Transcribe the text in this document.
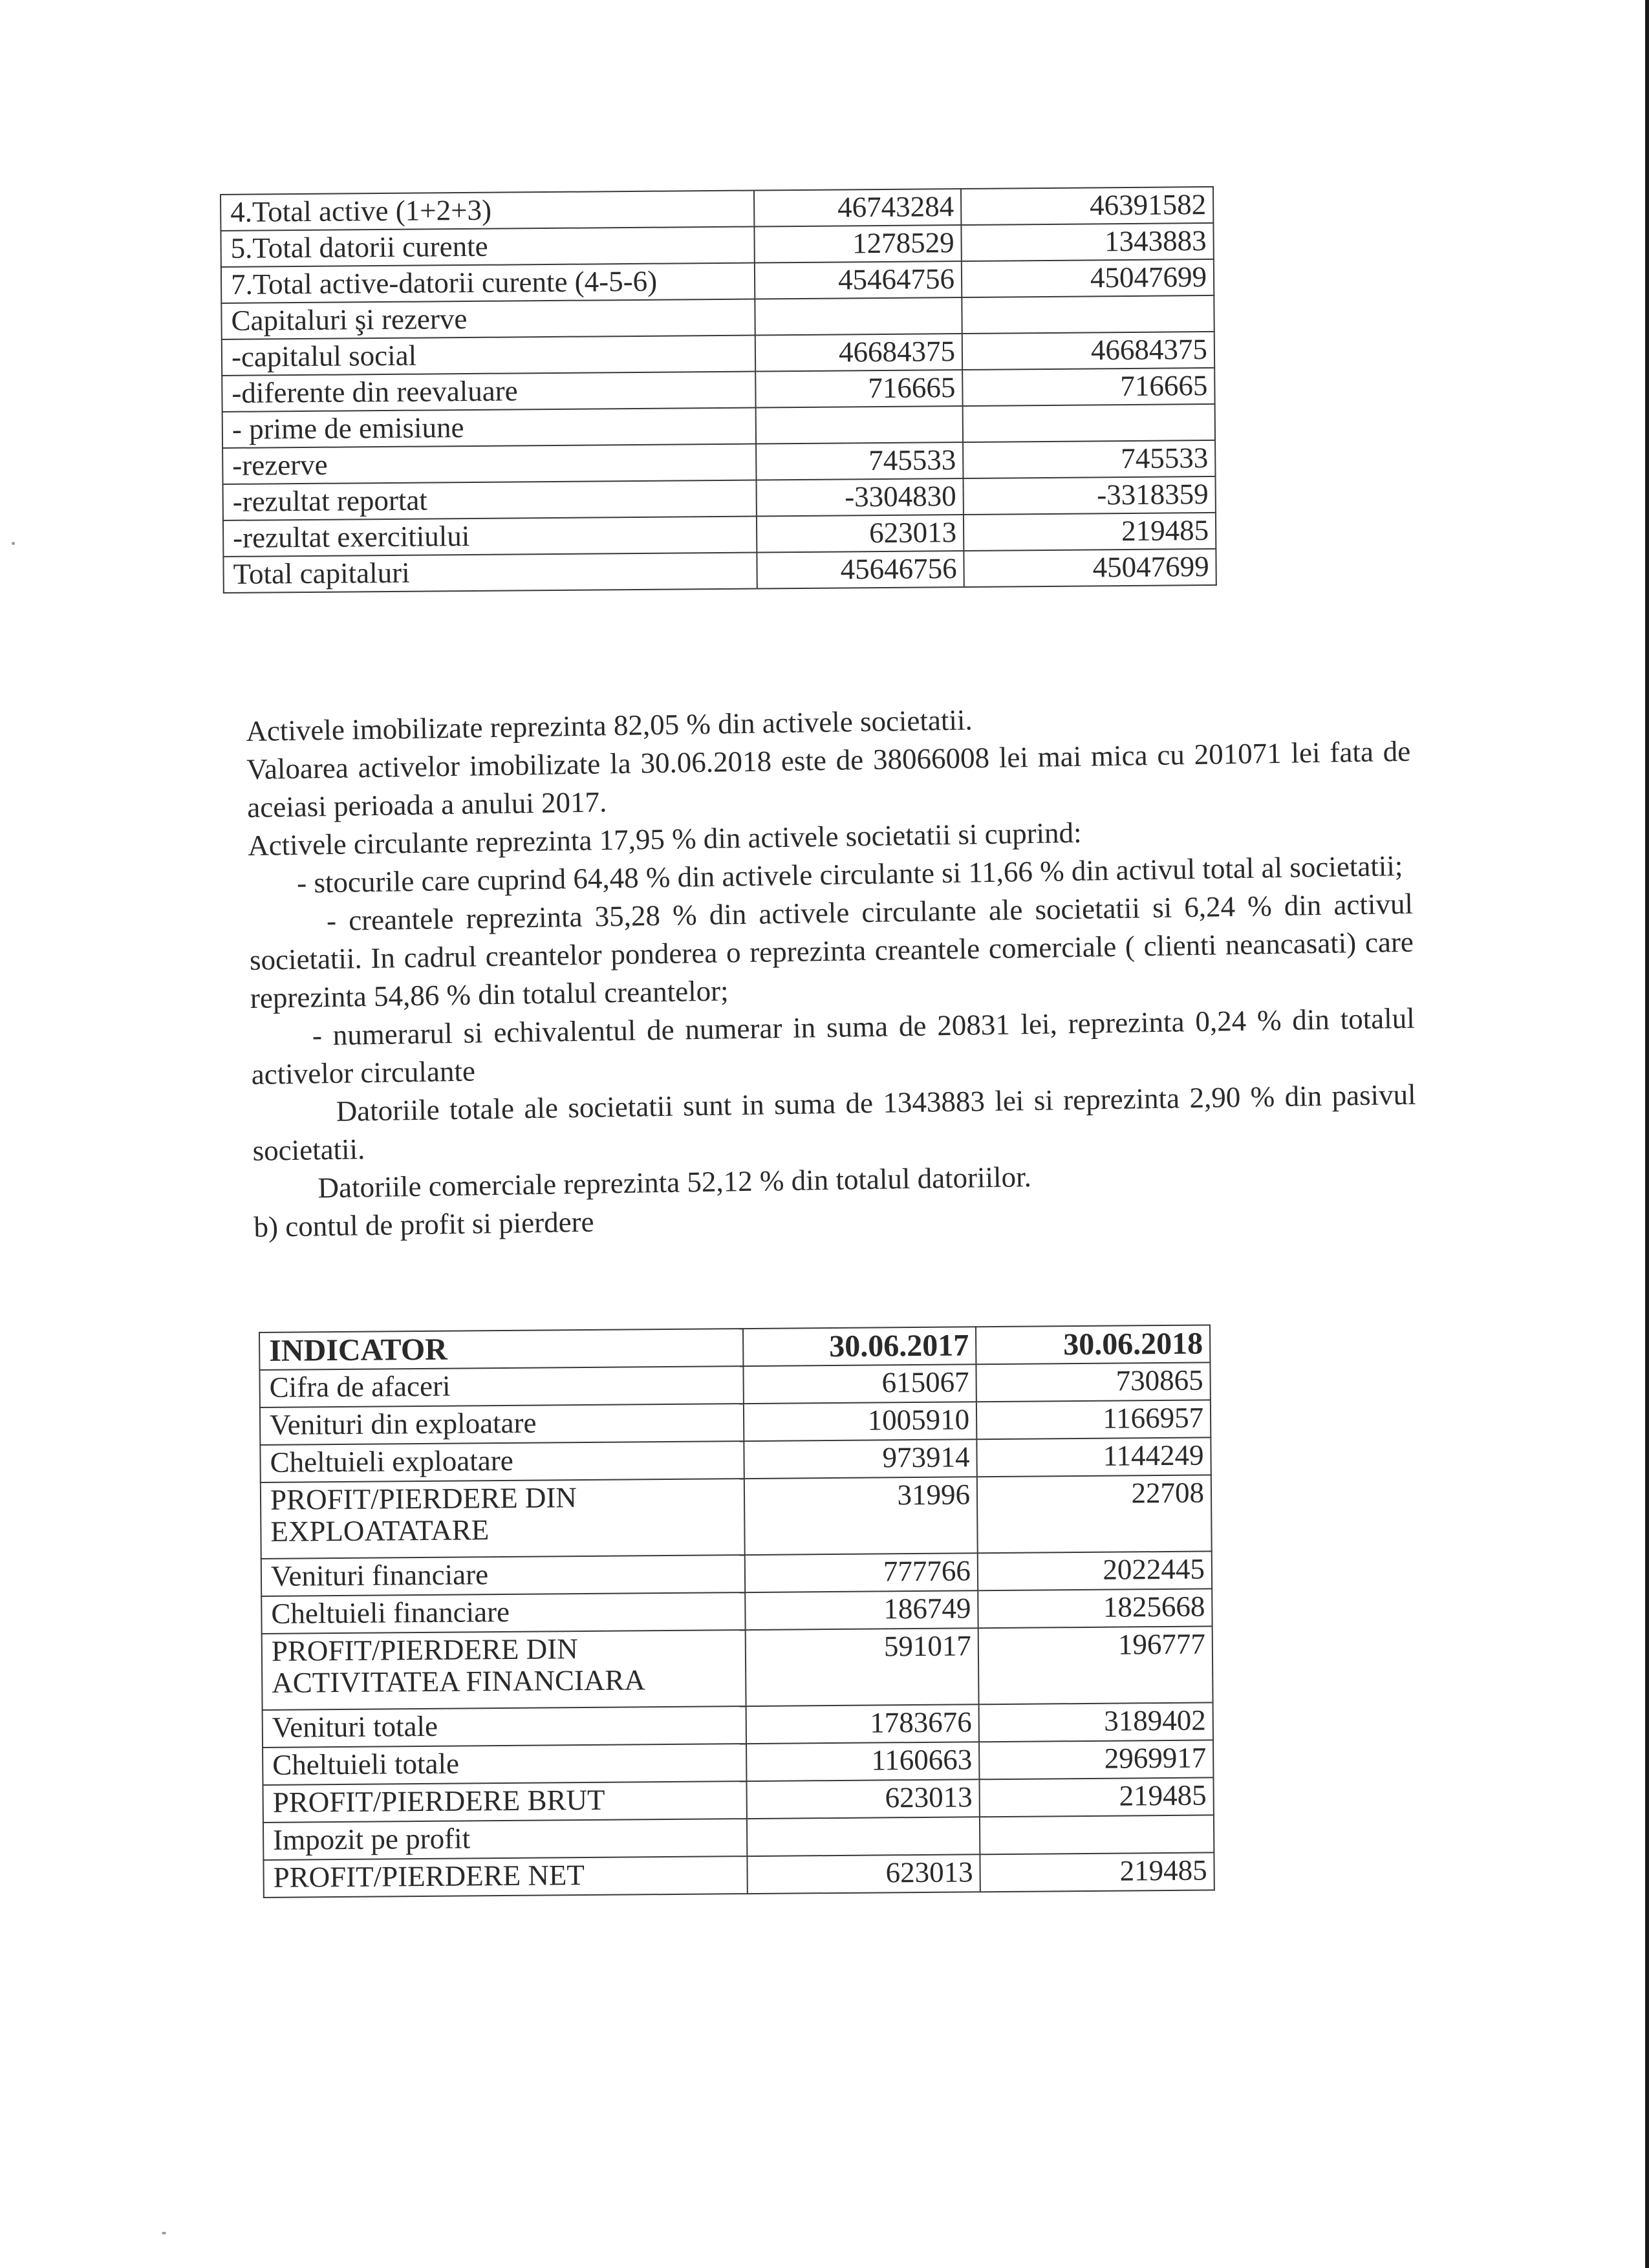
4.Total active (1+2+3)	46743284	46391582
5.Total datorii curente	1278529	1343883
7.Total active-datorii curente (4-5-6)	45464756	45047699
Capitaluri şi rezerve		
-capitalul social	46684375	46684375
-diferente din reevaluare	716665	716665
- prime de emisiune		
-rezerve	745533	745533
-rezultat reportat	-3304830	-3318359
-rezultat exercitiului	623013	219485
Total capitaluri	45646756	45047699

Activele imobilizate reprezinta 82,05 % din activele societatii.

Valoarea activelor imobilizate la 30.06.2018 este de 38066008 lei mai mica cu 201071 lei fata de aceiasi perioada a anului 2017.

Activele circulante reprezinta 17,95 % din activele societatii si cuprind:

- stocurile care cuprind 64,48 % din activele circulante si 11,66 % din activul total al societatii;

- creantele reprezinta 35,28 % din activele circulante ale societatii si 6,24 % din activul societatii. In cadrul creantelor ponderea o reprezinta creantele comerciale ( clienti neancasati) care reprezinta 54,86 % din totalul creantelor;

- numerarul si echivalentul de numerar in suma de 20831 lei, reprezinta 0,24 % din totalul activelor circulante

Datoriile totale ale societatii sunt in suma de 1343883 lei si reprezinta 2,90 % din pasivul societatii.

Datoriile comerciale reprezinta 52,12 % din totalul datoriilor.

b) contul de profit si pierdere

INDICATOR	30.06.2017	30.06.2018
Cifra de afaceri	615067	730865
Venituri din exploatare	1005910	1166957
Cheltuieli exploatare	973914	1144249
PROFIT/PIERDERE DIN EXPLOATATARE	31996	22708
Venituri financiare	777766	2022445
Cheltuieli financiare	186749	1825668
PROFIT/PIERDERE DIN ACTIVITATEA FINANCIARA	591017	196777
Venituri totale	1783676	3189402
Cheltuieli totale	1160663	2969917
PROFIT/PIERDERE BRUT	623013	219485
Impozit pe profit		
PROFIT/PIERDERE NET	623013	219485
